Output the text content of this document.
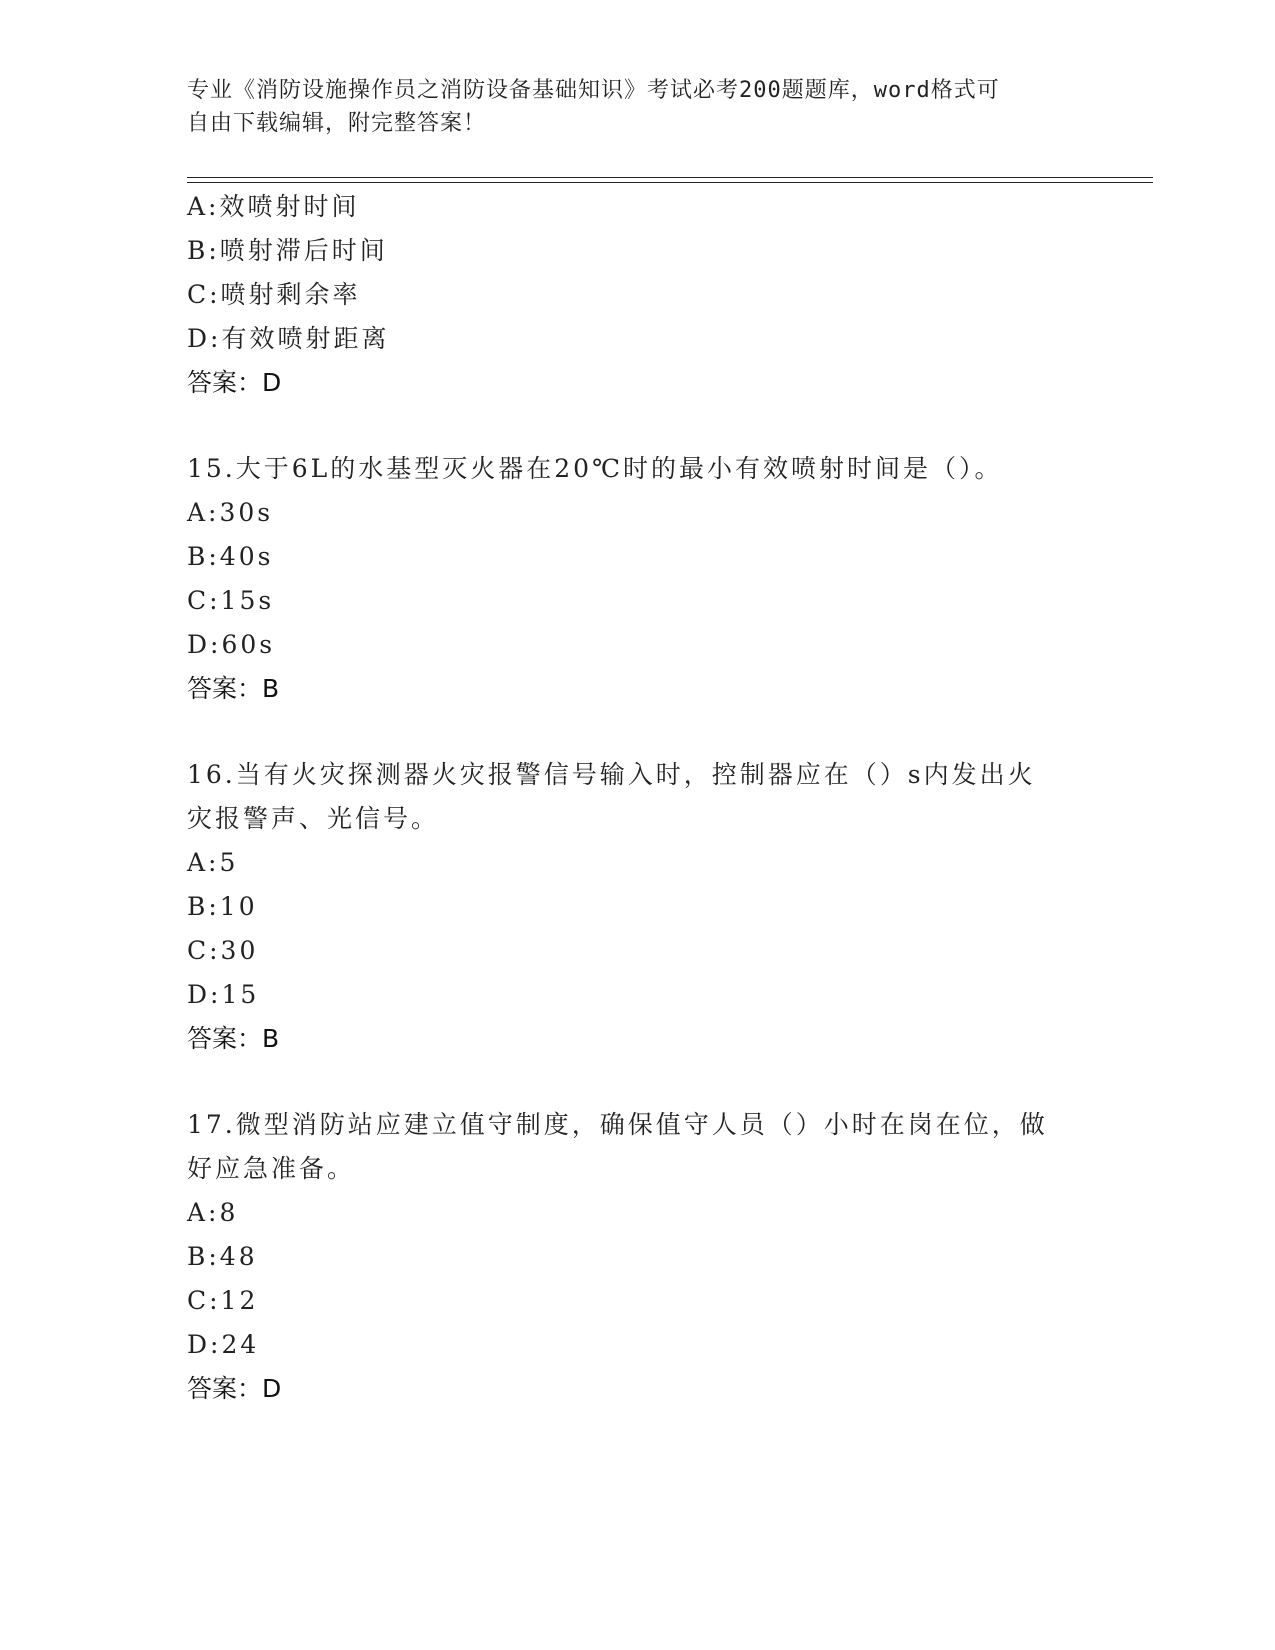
专业《消防设施操作员之消防设备基础知识》考试必考200题题库，word格式可
自由下载编辑，附完整答案！
A:效喷射时间
B:喷射滞后时间
C:喷射剩余率
D:有效喷射距离
答案：D
15.大于6L的水基型灭火器在20℃时的最小有效喷射时间是（）。
A:30s
B:40s
C:15s
D:60s
答案：B
16.当有火灾探测器火灾报警信号输入时，控制器应在（）s内发出火
灾报警声、光信号。
A:5
B:10
C:30
D:15
答案：B
17.微型消防站应建立值守制度，确保值守人员（）小时在岗在位，做
好应急准备。
A:8
B:48
C:12
D:24
答案：D
